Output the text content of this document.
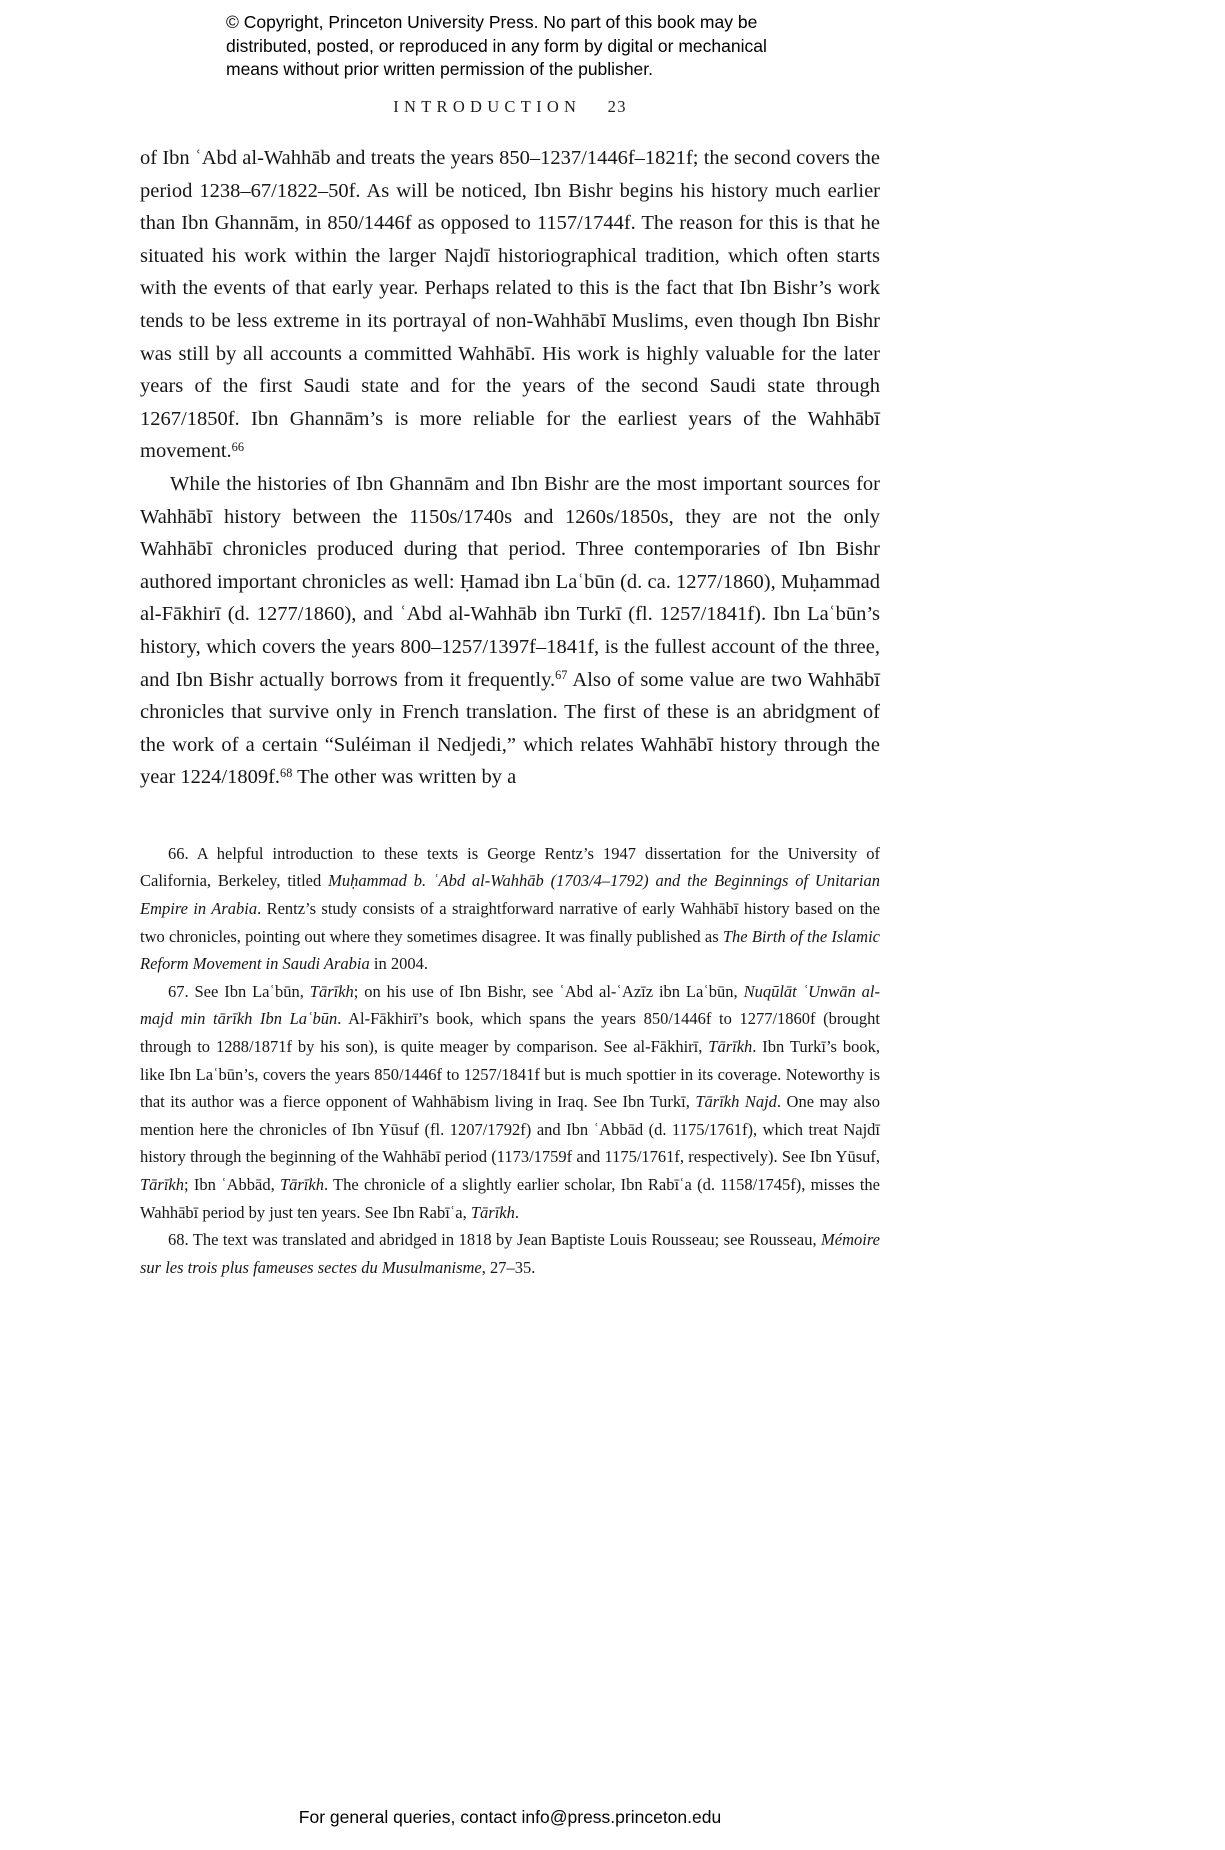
© Copyright, Princeton University Press. No part of this book may be
distributed, posted, or reproduced in any form by digital or mechanical
means without prior written permission of the publisher.
INTRODUCTION 23

of Ibn ʿAbd al-Wahhāb and treats the years 850–1237/1446f–1821f; the second covers the period 1238–67/1822–50f. As will be noticed, Ibn Bishr begins his history much earlier than Ibn Ghannām, in 850/1446f as opposed to 1157/1744f. The reason for this is that he situated his work within the larger Najdī historiographical tradition, which often starts with the events of that early year. Perhaps related to this is the fact that Ibn Bishr’s work tends to be less extreme in its portrayal of non-Wahhābī Muslims, even though Ibn Bishr was still by all accounts a committed Wahhābī. His work is highly valuable for the later years of the first Saudi state and for the years of the second Saudi state through 1267/1850f. Ibn Ghannām’s is more reliable for the earliest years of the Wahhābī movement.$^{66}$

While the histories of Ibn Ghannām and Ibn Bishr are the most important sources for Wahhābī history between the 1150s/1740s and 1260s/1850s, they are not the only Wahhābī chronicles produced during that period. Three contemporaries of Ibn Bishr authored important chronicles as well: Ḥamad ibn Laʿbūn (d. ca. 1277/1860), Muḥammad al-Fākhirī (d. 1277/1860), and ʿAbd al-Wahhāb ibn Turkī (fl. 1257/1841f). Ibn Laʿbūn’s history, which covers the years 800–1257/1397f–1841f, is the fullest account of the three, and Ibn Bishr actually borrows from it frequently.$^{67}$ Also of some value are two Wahhābī chronicles that survive only in French translation. The first of these is an abridgment of the work of a certain “Suléiman il Nedjedi,” which relates Wahhābī history through the year 1224/1809f.$^{68}$ The other was written by a

66. A helpful introduction to these texts is George Rentz’s 1947 dissertation for the University of California, Berkeley, titled Muḥammad b. ʿAbd al-Wahhāb (1703/4–1792) and the Beginnings of Unitarian Empire in Arabia. Rentz’s study consists of a straightforward narrative of early Wahhābī history based on the two chronicles, pointing out where they sometimes disagree. It was finally published as The Birth of the Islamic Reform Movement in Saudi Arabia in 2004.

67. See Ibn Laʿbūn, Tārīkh; on his use of Ibn Bishr, see ʿAbd al-ʿAzīz ibn Laʿbūn, Nuqūlāt ʿUnwān al-majd min tārīkh Ibn Laʿbūn. Al-Fākhirī’s book, which spans the years 850/1446f to 1277/1860f (brought through to 1288/1871f by his son), is quite meager by comparison. See al-Fākhirī, Tārīkh. Ibn Turkī’s book, like Ibn Laʿbūn’s, covers the years 850/1446f to 1257/1841f but is much spottier in its coverage. Noteworthy is that its author was a fierce opponent of Wahhābism living in Iraq. See Ibn Turkī, Tārīkh Najd. One may also mention here the chronicles of Ibn Yūsuf (fl. 1207/1792f) and Ibn ʿAbbād (d. 1175/1761f), which treat Najdī history through the beginning of the Wahhābī period (1173/1759f and 1175/1761f, respectively). See Ibn Yūsuf, Tārīkh; Ibn ʿAbbād, Tārīkh. The chronicle of a slightly earlier scholar, Ibn Rabīʿa (d. 1158/1745f), misses the Wahhābī period by just ten years. See Ibn Rabīʿa, Tārīkh.

68. The text was translated and abridged in 1818 by Jean Baptiste Louis Rousseau; see Rousseau, Mémoire sur les trois plus fameuses sectes du Musulmanisme, 27–35.

For general queries, contact info@press.princeton.edu
